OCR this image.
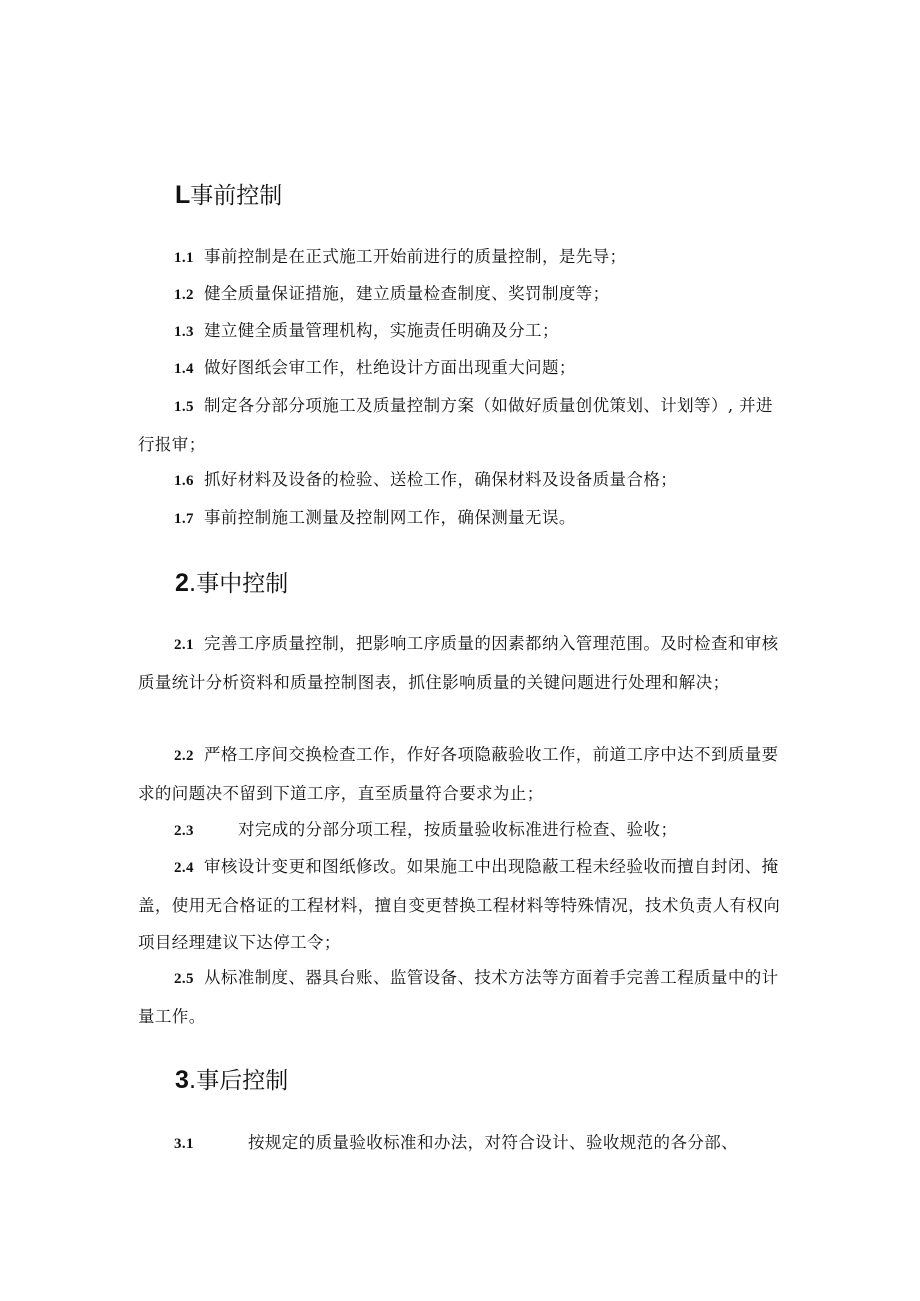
L事前控制
1.1 事前控制是在正式施工开始前进行的质量控制，是先导；
1.2 健全质量保证措施，建立质量检查制度、奖罚制度等；
1.3 建立健全质量管理机构，实施责任明确及分工；
1.4 做好图纸会审工作，杜绝设计方面出现重大问题；
1.5 制定各分部分项施工及质量控制方案（如做好质量创优策划、计划等）, 并进行报审；
1.6 抓好材料及设备的检验、送检工作，确保材料及设备质量合格；
1.7 事前控制施工测量及控制网工作，确保测量无误。
2.事中控制
2.1 完善工序质量控制，把影响工序质量的因素都纳入管理范围。及时检查和审核质量统计分析资料和质量控制图表，抓住影响质量的关键问题进行处理和解决；
2.2 严格工序间交换检查工作，作好各项隐蔽验收工作，前道工序中达不到质量要求的问题决不留到下道工序，直至质量符合要求为止；
2.3	对完成的分部分项工程，按质量验收标准进行检查、验收；
2.4 审核设计变更和图纸修改。如果施工中出现隐蔽工程未经验收而擅自封闭、掩盖，使用无合格证的工程材料，擅自变更替换工程材料等特殊情况，技术负责人有权向项目经理建议下达停工令；
2.5 从标准制度、器具台账、监管设备、技术方法等方面着手完善工程质量中的计量工作。
3.事后控制
3.1	按规定的质量验收标准和办法，对符合设计、验收规范的各分部、
